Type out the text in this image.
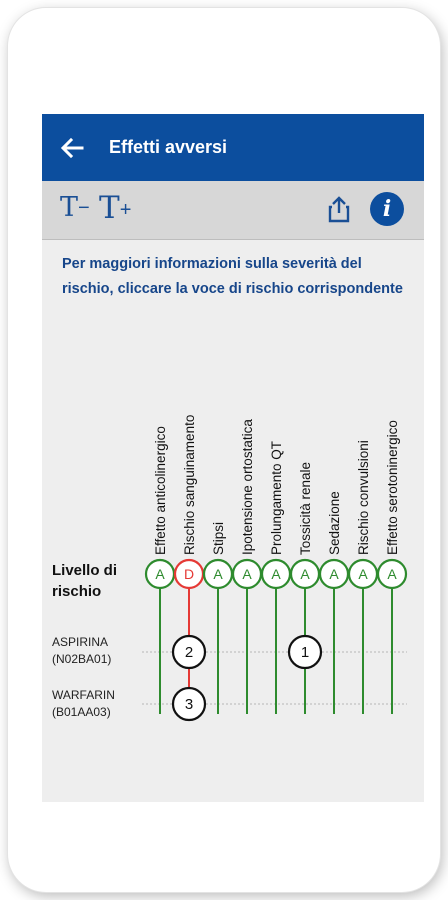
Effetti avversi
T− T+	i
Per maggiori informazioni sulla severità del rischio, cliccare la voce di rischio corrispondente
Livello di rischio
ASPIRINA
(N02BA01)
WARFARIN
(B01AA03)
Effetto anticolinergico
A
Rischio sanguinamento
D
Stipsi
A
Ipotensione ortostatica
A
Prolungamento QT
A
Tossicità renale
A
Sedazione
A
Rischio convulsioni
A
Effetto serotoninergico
A
2	1
3
